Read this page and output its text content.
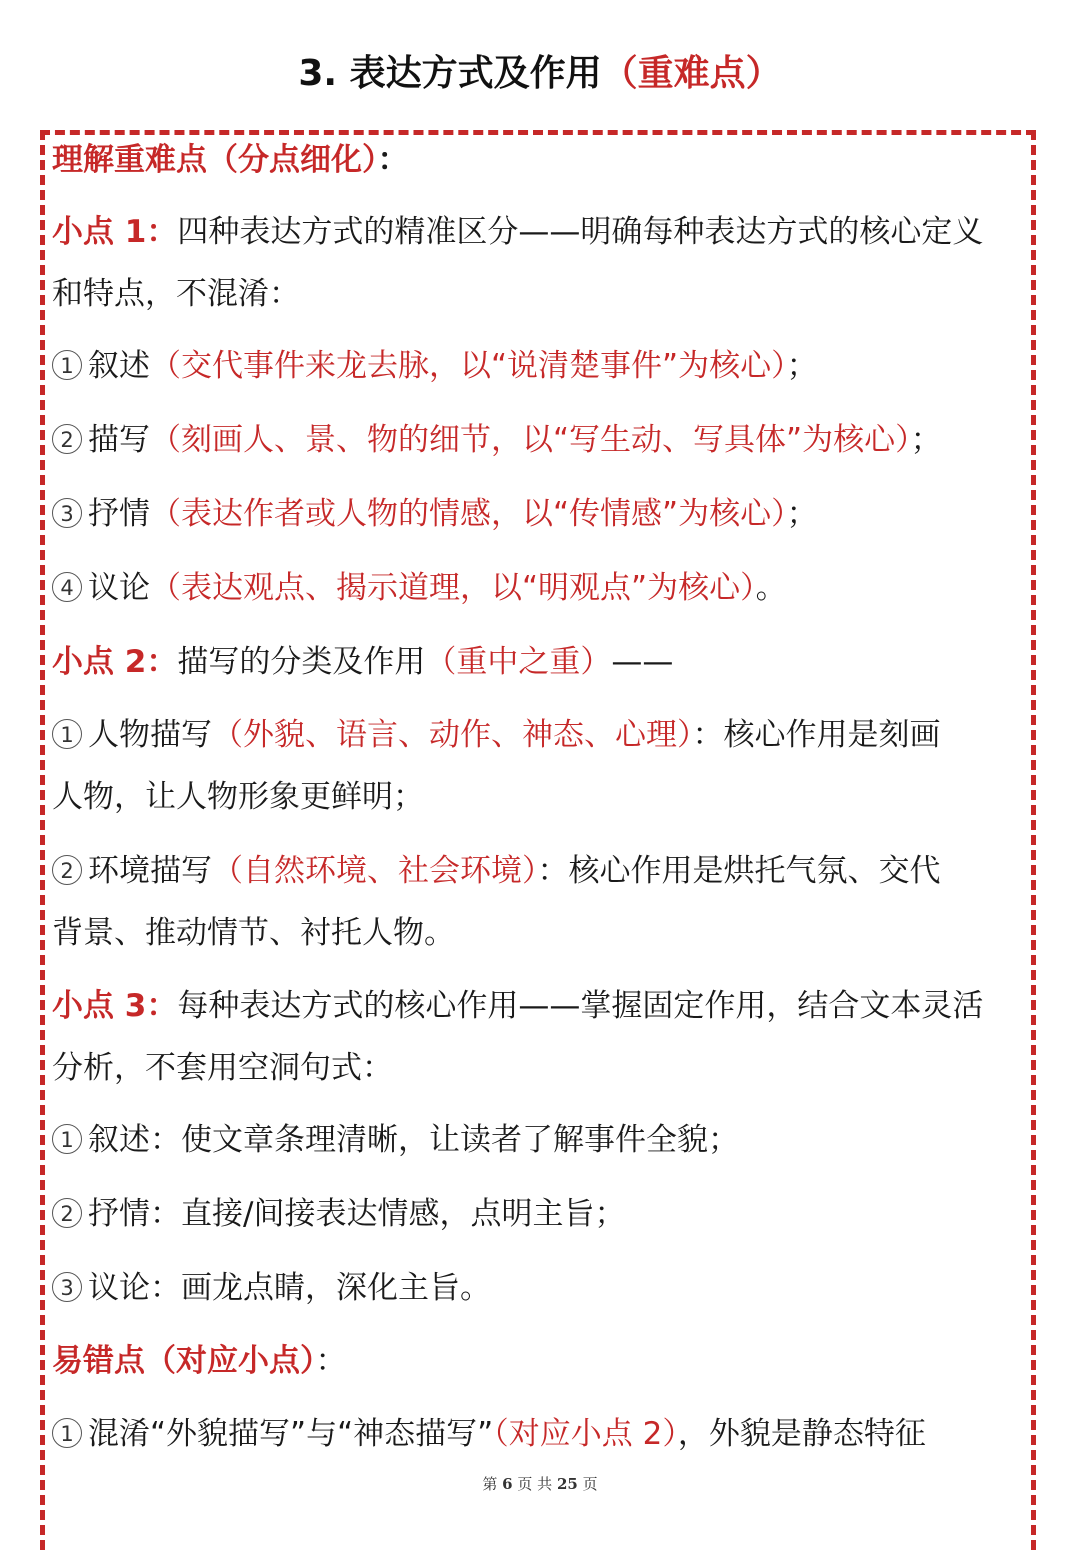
3. 表达方式及作用（重难点）
理解重难点（分点细化）：
小点 1：四种表达方式的精准区分——明确每种表达方式的核心定义
和特点，不混淆：
1 叙述（交代事件来龙去脉，以“说清楚事件”为核心）；
2 描写（刻画人、景、物的细节，以“写生动、写具体”为核心）；
3 抒情（表达作者或人物的情感，以“传情感”为核心）；
4 议论（表达观点、揭示道理，以“明观点”为核心）。
小点 2：描写的分类及作用（重中之重）——
1 人物描写（外貌、语言、动作、神态、心理）：核心作用是刻画
人物，让人物形象更鲜明；
2 环境描写（自然环境、社会环境）：核心作用是烘托气氛、交代
背景、推动情节、衬托人物。
小点 3：每种表达方式的核心作用——掌握固定作用，结合文本灵活
分析，不套用空洞句式：
1 叙述：使文章条理清晰，让读者了解事件全貌；
2 抒情：直接/间接表达情感，点明主旨；
3 议论：画龙点睛，深化主旨。
易错点（对应小点）：
1 混淆“外貌描写”与“神态描写”（对应小点 2），外貌是静态特征
第 6 页 共 25 页
